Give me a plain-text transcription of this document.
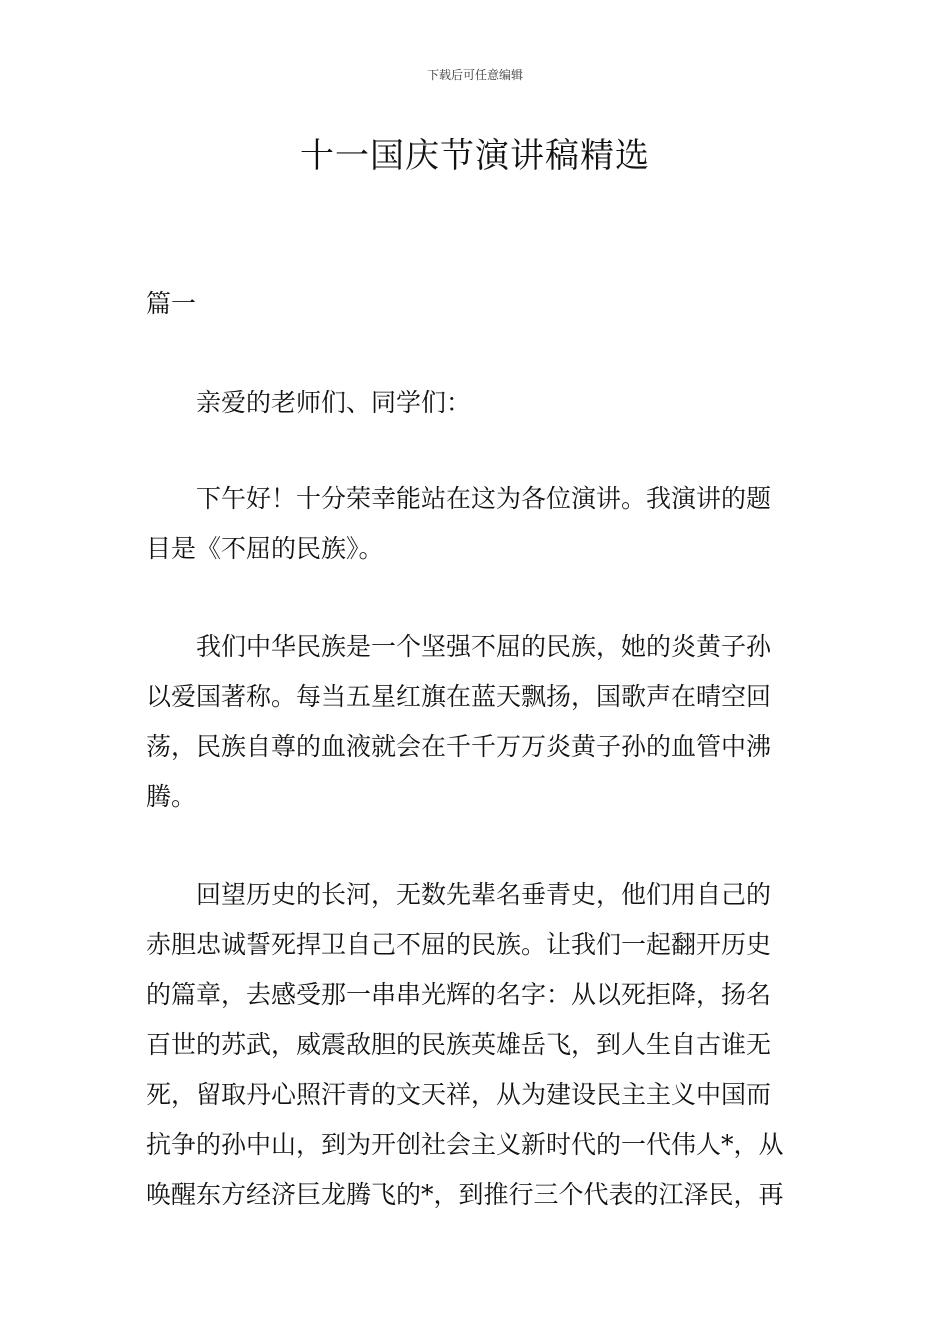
下载后可任意编辑
十一国庆节演讲稿精选
篇一
亲爱的老师们、同学们：
下午好！十分荣幸能站在这为各位演讲。我演讲的题
目是《不屈的民族》。
我们中华民族是一个坚强不屈的民族，她的炎黄子孙
以爱国著称。每当五星红旗在蓝天飘扬，国歌声在晴空回
荡，民族自尊的血液就会在千千万万炎黄子孙的血管中沸
腾。
回望历史的长河，无数先辈名垂青史，他们用自己的
赤胆忠诚誓死捍卫自己不屈的民族。让我们一起翻开历史
的篇章，去感受那一串串光辉的名字：从以死拒降，扬名
百世的苏武，威震敌胆的民族英雄岳飞，到人生自古谁无
死，留取丹心照汗青的文天祥，从为建设民主主义中国而
抗争的孙中山，到为开创社会主义新时代的一代伟人*，从
唤醒东方经济巨龙腾飞的*，到推行三个代表的江泽民，再
